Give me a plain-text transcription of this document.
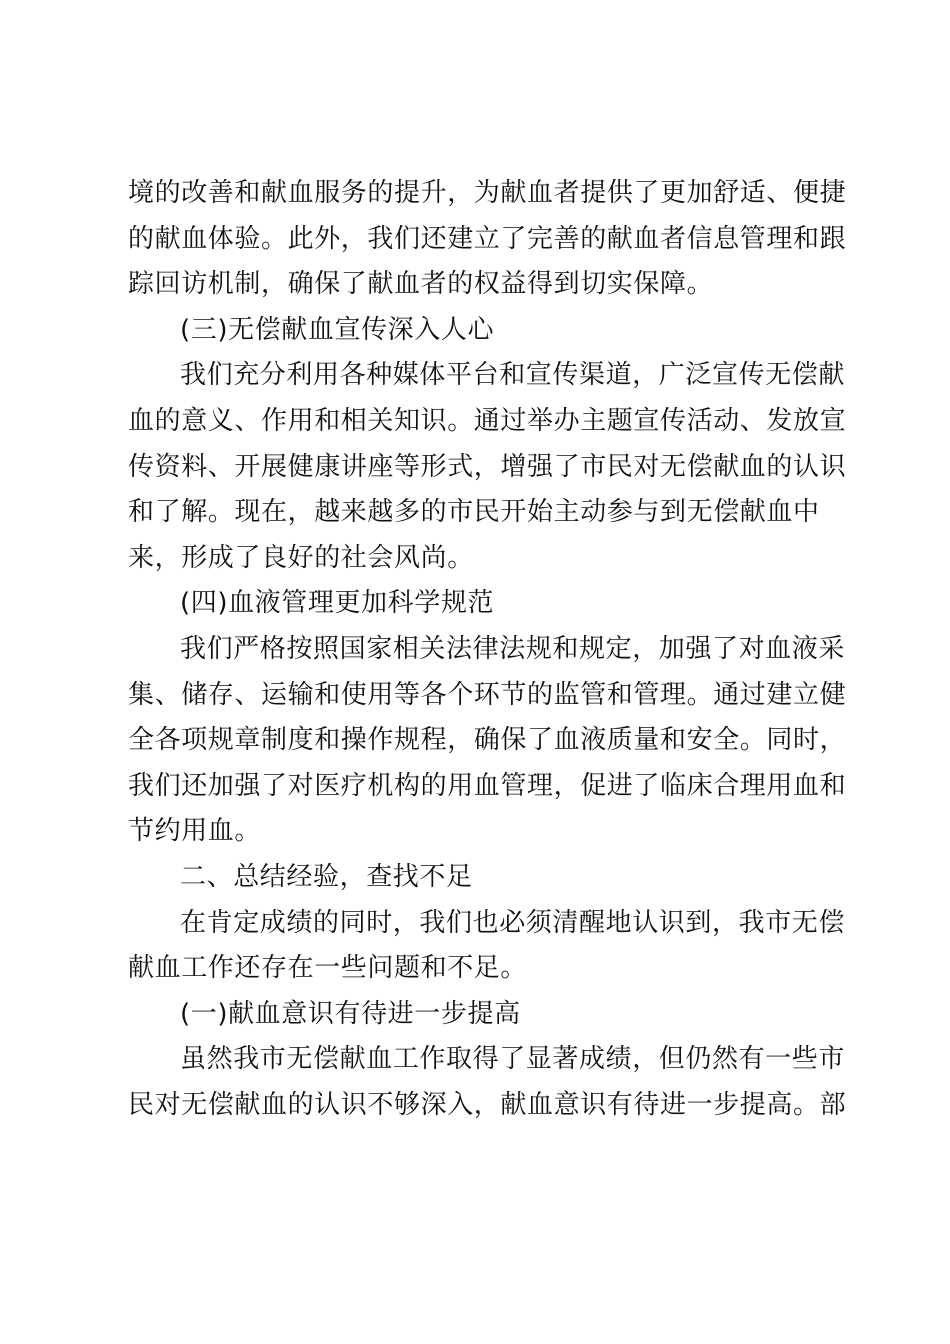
境的改善和献血服务的提升，为献血者提供了更加舒适、便捷
的献血体验。此外，我们还建立了完善的献血者信息管理和跟
踪回访机制，确保了献血者的权益得到切实保障。
(三)无偿献血宣传深入人心
我们充分利用各种媒体平台和宣传渠道，广泛宣传无偿献
血的意义、作用和相关知识。通过举办主题宣传活动、发放宣
传资料、开展健康讲座等形式，增强了市民对无偿献血的认识
和了解。现在，越来越多的市民开始主动参与到无偿献血中
来，形成了良好的社会风尚。
(四)血液管理更加科学规范
我们严格按照国家相关法律法规和规定，加强了对血液采
集、储存、运输和使用等各个环节的监管和管理。通过建立健
全各项规章制度和操作规程，确保了血液质量和安全。同时，
我们还加强了对医疗机构的用血管理，促进了临床合理用血和
节约用血。
二、总结经验，查找不足
在肯定成绩的同时，我们也必须清醒地认识到，我市无偿
献血工作还存在一些问题和不足。
(一)献血意识有待进一步提高
虽然我市无偿献血工作取得了显著成绩，但仍然有一些市
民对无偿献血的认识不够深入，献血意识有待进一步提高。部
